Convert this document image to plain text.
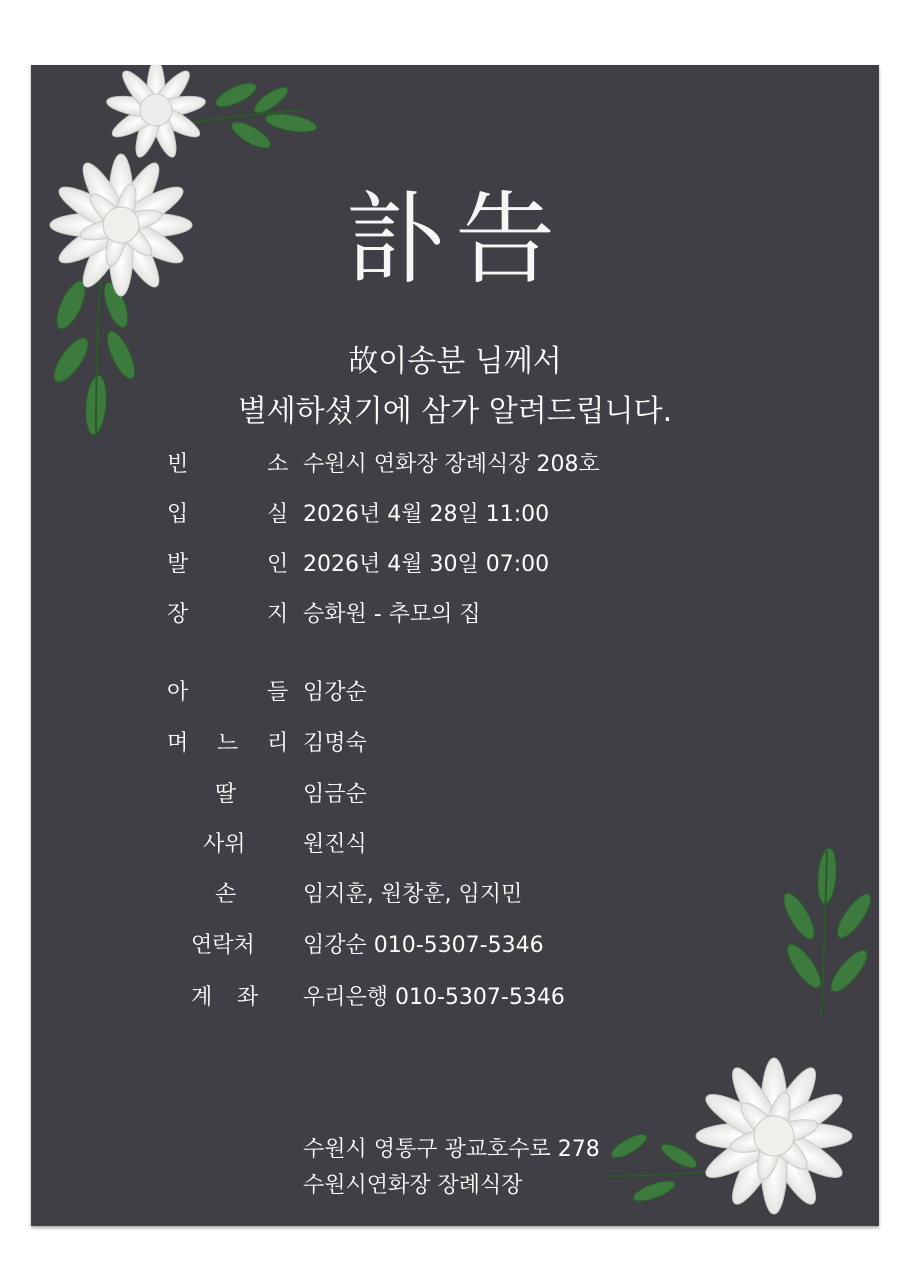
訃告
故이송분 님께서
별세하셨기에 삼가 알려드립니다.
빈	소 수원시 연화장 장례식장 208호
입	실 2026년 4월 28일 11:00
발	인 2026년 4월 30일 07:00
장	지 승화원 - 추모의 집
아	들 임강순
며 느 리 김명숙
딸	임금순
사위	원진식
손	임지훈, 원창훈, 임지민
연락처 임강순 010-5307-5346
계 좌 우리은행 010-5307-5346
수원시 영통구 광교호수로 278
수원시연화장 장례식장
